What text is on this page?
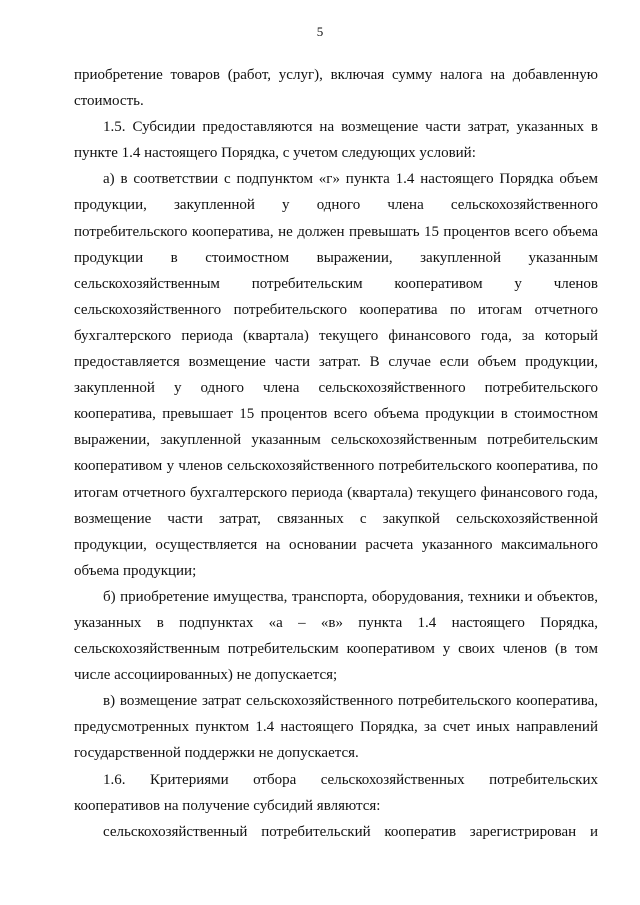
5

приобретение товаров (работ, услуг), включая сумму налога на добавленную стоимость.

1.5. Субсидии предоставляются на возмещение части затрат, указанных в пункте 1.4 настоящего Порядка, с учетом следующих условий:

а) в соответствии с подпунктом «г» пункта 1.4 настоящего Порядка объем продукции, закупленной у одного члена сельскохозяйственного потребительского кооператива, не должен превышать 15 процентов всего объема продукции в стоимостном выражении, закупленной указанным сельскохозяйственным потребительским кооперативом у членов сельскохозяйственного потребительского кооператива по итогам отчетного бухгалтерского периода (квартала) текущего финансового года, за который предоставляется возмещение части затрат. В случае если объем продукции, закупленной у одного члена сельскохозяйственного потребительского кооператива, превышает 15 процентов всего объема продукции в стоимостном выражении, закупленной указанным сельскохозяйственным потребительским кооперативом у членов сельскохозяйственного потребительского кооператива, по итогам отчетного бухгалтерского периода (квартала) текущего финансового года, возмещение части затрат, связанных с закупкой сельскохозяйственной продукции, осуществляется на основании расчета указанного максимального объема продукции;

б) приобретение имущества, транспорта, оборудования, техники и объектов, указанных в подпунктах «а – «в» пункта 1.4 настоящего Порядка, сельскохозяйственным потребительским кооперативом у своих членов (в том числе ассоциированных) не допускается;

в) возмещение затрат сельскохозяйственного потребительского кооператива, предусмотренных пунктом 1.4 настоящего Порядка, за счет иных направлений государственной поддержки не допускается.

1.6. Критериями отбора сельскохозяйственных потребительских кооперативов на получение субсидий являются:

сельскохозяйственный потребительский кооператив зарегистрирован и
